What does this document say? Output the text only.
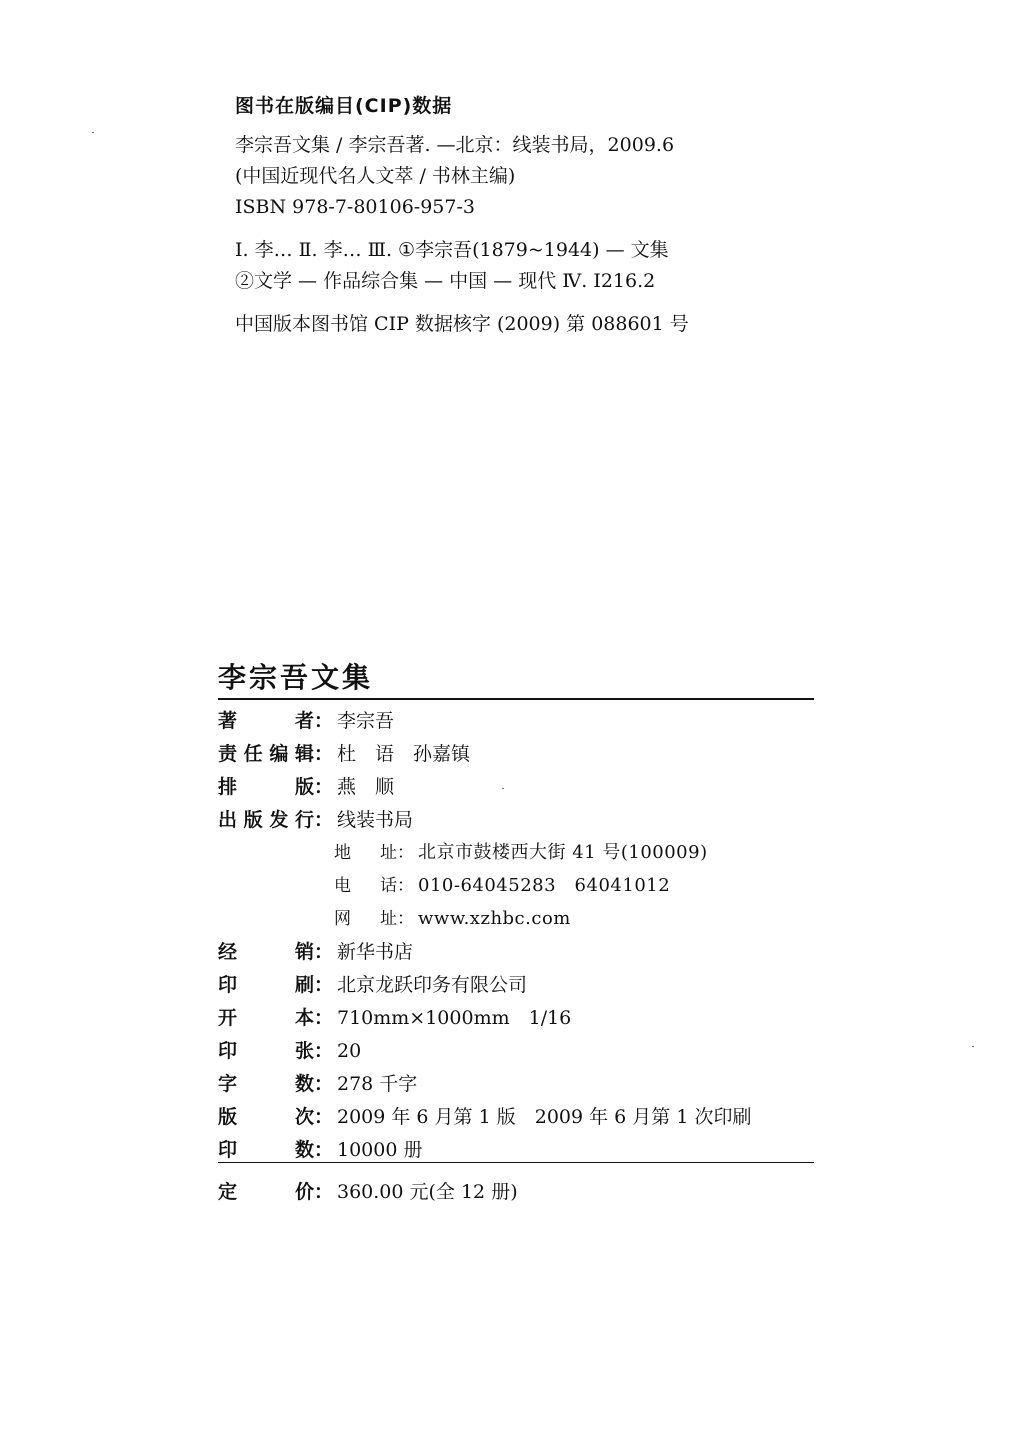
图书在版编目(CIP)数据
李宗吾文集 / 李宗吾著. —北京：线装书局，2009.6
(中国近现代名人文萃 / 书林主编)
ISBN 978-7-80106-957-3
Ⅰ. 李… Ⅱ. 李… Ⅲ. ①李宗吾(1879~1944) — 文集
②文学 — 作品综合集 — 中国 — 现代 Ⅳ. I216.2
中国版本图书馆 CIP 数据核字 (2009) 第 088601 号
李宗吾文集
著	者： 李宗吾
责 任 编 辑： 杜　语　孙嘉镇
排	版： 燕　顺
出 版 发 行： 线装书局
地 址： 北京市鼓楼西大街 41 号(100009)
电 话： 010-64045283　64041012
网 址： www.xzhbc.com
经	销： 新华书店
印	刷： 北京龙跃印务有限公司
开	本： 710mm×1000mm　1/16
印	张： 20
字	数： 278 千字
版	次： 2009 年 6 月第 1 版　2009 年 6 月第 1 次印刷
印	数： 10000 册
定	价： 360.00 元(全 12 册)
